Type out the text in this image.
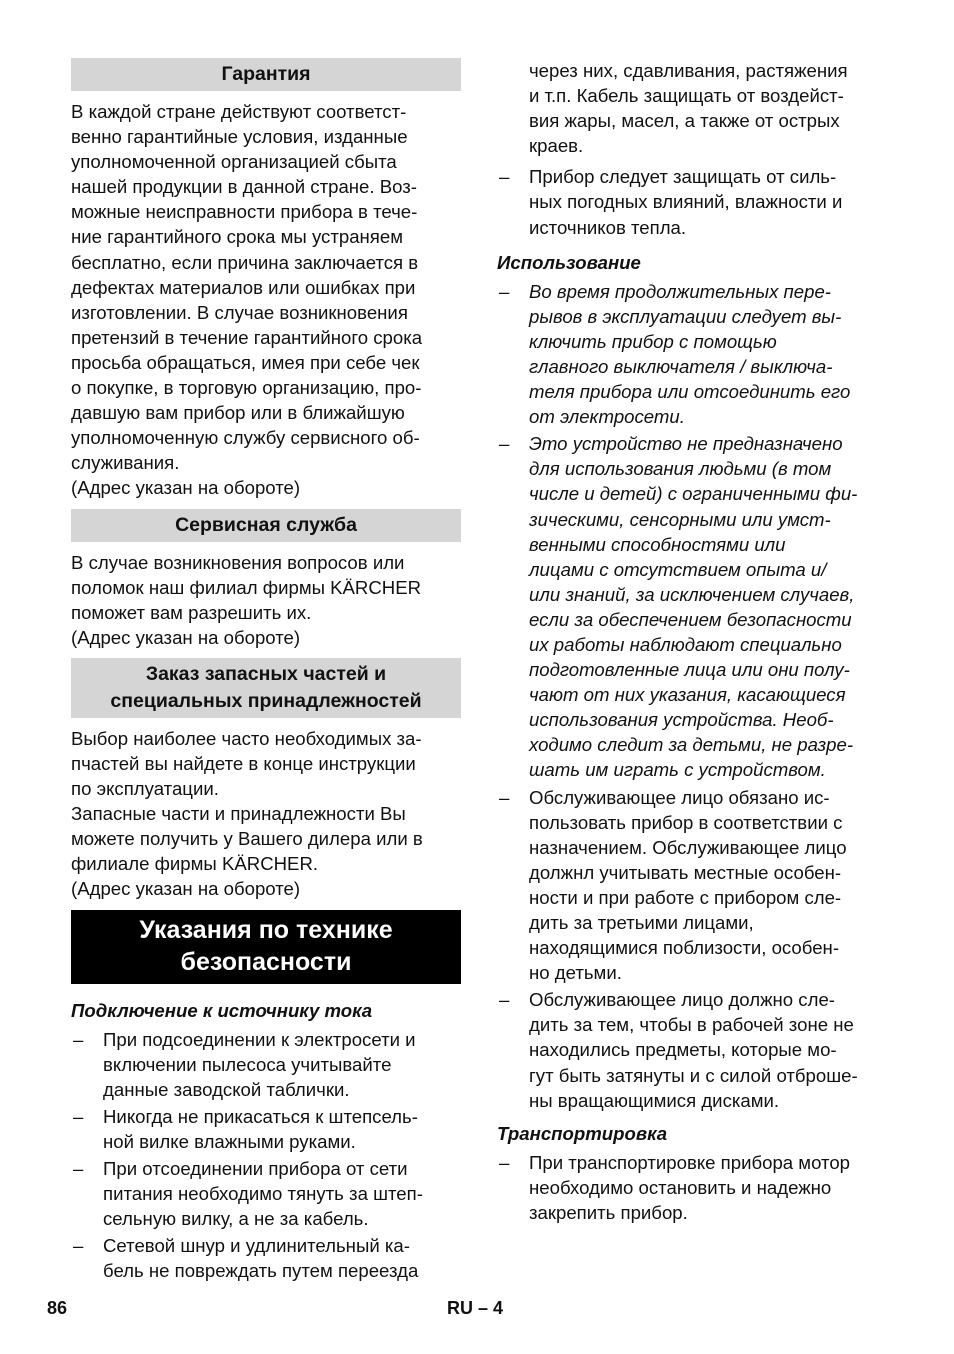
Гарантия

В каждой стране действуют соответст-

венно гарантийные условия, изданные

уполномоченной организацией сбыта

нашей продукции в данной стране. Воз-

можные неисправности прибора в тече-

ние гарантийного срока мы устраняем

бесплатно, если причина заключается в

дефектах материалов или ошибках при

изготовлении. В случае возникновения

претензий в течение гарантийного срока

просьба обращаться, имея при себе чек

о покупке, в торговую организацию, про-

давшую вам прибор или в ближайшую

уполномоченную службу сервисного об-

служивания.

(Адрес указан на обороте)

Сервисная служба

В случае возникновения вопросов или

поломок наш филиал фирмы KÄRCHER

поможет вам разрешить их.

(Адрес указан на обороте)

Заказ запасных частей и
специальных принадлежностей

Выбор наиболее часто необходимых за-

пчастей вы найдете в конце инструкции

по эксплуатации.

Запасные части и принадлежности Вы

можете получить у Вашего дилера или в

филиале фирмы KÄRCHER.

(Адрес указан на обороте)

Указания по технике
безопасности
Подключение к источнику тока
– При подсоединении к электросети и
включении пылесоса учитывайте
данные заводской таблички.
– Никогда не прикасаться к штепсель-
ной вилке влажными руками.
– При отсоединении прибора от сети
питания необходимо тянуть за штеп-
сельную вилку, а не за кабель.
– Сетевой шнур и удлинительный ка-
бель не повреждать путем переезда

через них, сдавливания, растяжения

и т.п. Кабель защищать от воздейст-

вия жары, масел, а также от острых

краев.

– Прибор следует защищать от силь-
ных погодных влияний, влажности и
источников тепла.
Использование
– Во время продолжительных пере-
рывов в эксплуатации следует вы-
ключить прибор с помощью
главного выключателя / выключа-
теля прибора или отсоединить его
от электросети.
– Это устройство не предназначено
для использования людьми (в том
числе и детей) с ограниченными фи-
зическими, сенсорными или умст-
венными способностями или
лицами с отсутствием опыта и/
или знаний, за исключением случаев,
если за обеспечением безопасности
их работы наблюдают специально
подготовленные лица или они полу-
чают от них указания, касающиеся
использования устройства. Необ-
ходимо следит за детьми, не разре-
шать им играть с устройством.
– Обслуживающее лицо обязано ис-
пользовать прибор в соответствии с
назначением. Обслуживающее лицо
должнл учитывать местные особен-
ности и при работе с прибором сле-
дить за третьими лицами,
находящимися поблизости, особен-
но детьми.
– Обслуживающее лицо должно сле-
дить за тем, чтобы в рабочей зоне не
находились предметы, которые мо-
гут быть затянуты и с силой отброше-
ны вращающимися дисками.
Транспортировка
– При транспортировке прибора мотор
необходимо остановить и надежно
закрепить прибор.
86	RU – 4
